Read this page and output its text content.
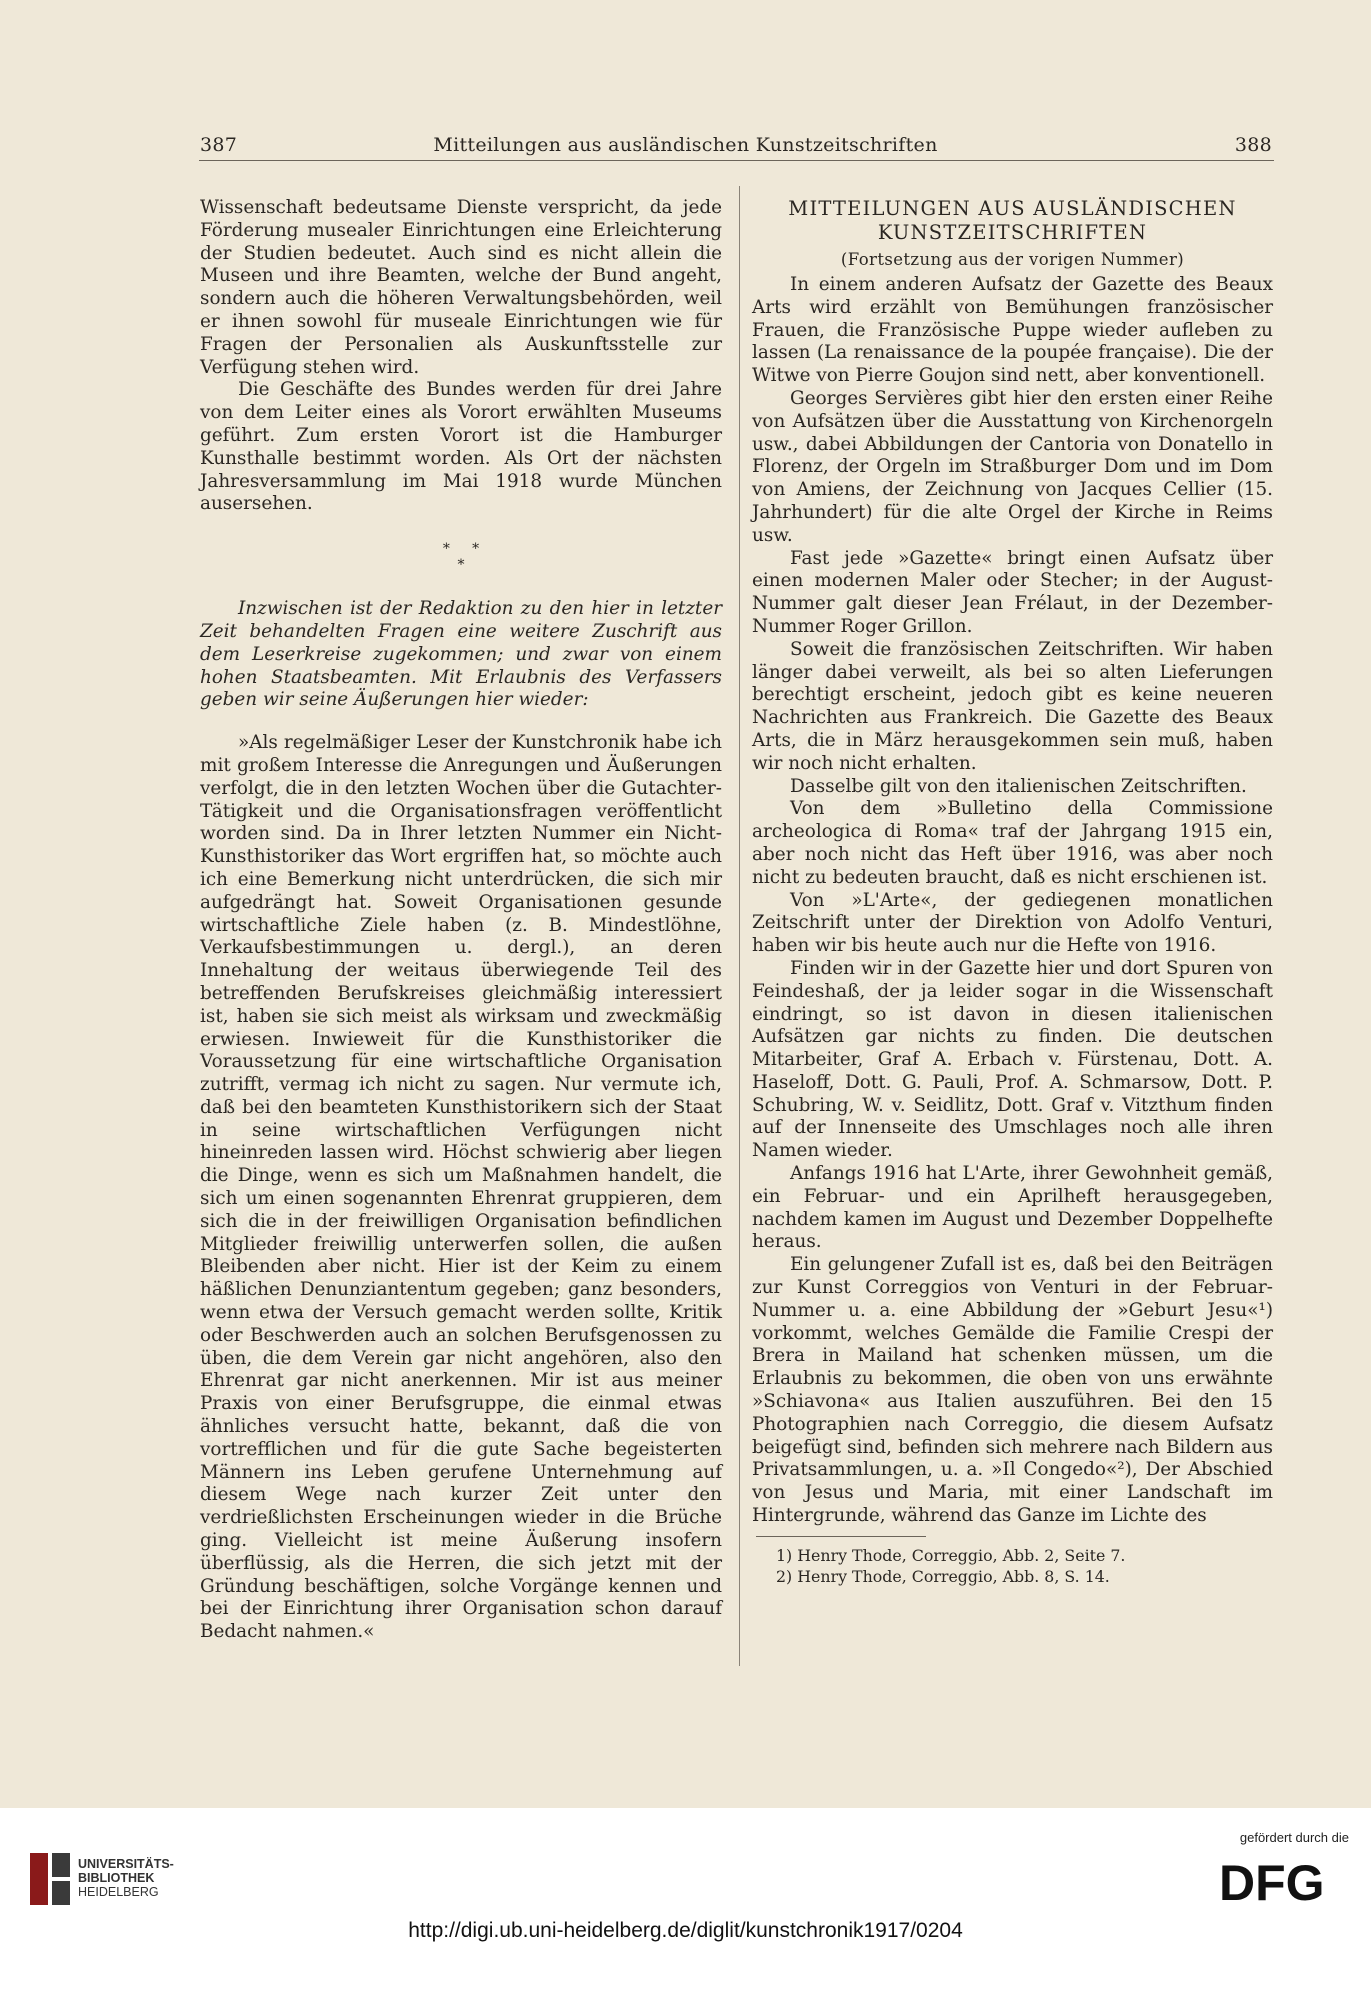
387	Mitteilungen aus ausländischen Kunstzeitschriften	388

Wissenschaft bedeutsame Dienste verspricht, da jede Förderung musealer Einrichtungen eine Erleichterung der Studien bedeutet. Auch sind es nicht allein die Museen und ihre Beamten, welche der Bund angeht, sondern auch die höheren Verwaltungsbehörden, weil er ihnen sowohl für museale Einrichtungen wie für Fragen der Personalien als Auskunftsstelle zur Verfügung stehen wird.

Die Geschäfte des Bundes werden für drei Jahre von dem Leiter eines als Vorort erwählten Museums geführt. Zum ersten Vorort ist die Hamburger Kunsthalle bestimmt worden. Als Ort der nächsten Jahresversammlung im Mai 1918 wurde München ausersehen.

*     *
*

Inzwischen ist der Redaktion zu den hier in letzter Zeit behandelten Fragen eine weitere Zuschrift aus dem Leserkreise zugekommen; und zwar von einem hohen Staatsbeamten. Mit Erlaubnis des Verfassers geben wir seine Äußerungen hier wieder:

»Als regelmäßiger Leser der Kunstchronik habe ich mit großem Interesse die Anregungen und Äußerungen verfolgt, die in den letzten Wochen über die Gutachter-Tätigkeit und die Organisationsfragen veröffentlicht worden sind. Da in Ihrer letzten Nummer ein Nicht-Kunsthistoriker das Wort ergriffen hat, so möchte auch ich eine Bemerkung nicht unterdrücken, die sich mir aufgedrängt hat. Soweit Organisationen gesunde wirtschaftliche Ziele haben (z. B. Mindestlöhne, Verkaufsbestimmungen u. dergl.), an deren Innehaltung der weitaus überwiegende Teil des betreffenden Berufskreises gleichmäßig interessiert ist, haben sie sich meist als wirksam und zweckmäßig erwiesen. Inwieweit für die Kunsthistoriker die Voraussetzung für eine wirtschaftliche Organisation zutrifft, vermag ich nicht zu sagen. Nur vermute ich, daß bei den beamteten Kunsthistorikern sich der Staat in seine wirtschaftlichen Verfügungen nicht hineinreden lassen wird. Höchst schwierig aber liegen die Dinge, wenn es sich um Maßnahmen handelt, die sich um einen sogenannten Ehrenrat gruppieren, dem sich die in der freiwilligen Organisation befindlichen Mitglieder freiwillig unterwerfen sollen, die außen Bleibenden aber nicht. Hier ist der Keim zu einem häßlichen Denunziantentum gegeben; ganz besonders, wenn etwa der Versuch gemacht werden sollte, Kritik oder Beschwerden auch an solchen Berufsgenossen zu üben, die dem Verein gar nicht angehören, also den Ehrenrat gar nicht anerkennen. Mir ist aus meiner Praxis von einer Berufsgruppe, die einmal etwas ähnliches versucht hatte, bekannt, daß die von vortrefflichen und für die gute Sache begeisterten Männern ins Leben gerufene Unternehmung auf diesem Wege nach kurzer Zeit unter den verdrießlichsten Erscheinungen wieder in die Brüche ging. Vielleicht ist meine Äußerung insofern überflüssig, als die Herren, die sich jetzt mit der Gründung beschäftigen, solche Vorgänge kennen und bei der Einrichtung ihrer Organisation schon darauf Bedacht nahmen.«

MITTEILUNGEN AUS AUSLÄNDISCHEN
KUNSTZEITSCHRIFTEN
(Fortsetzung aus der vorigen Nummer)

In einem anderen Aufsatz der Gazette des Beaux Arts wird erzählt von Bemühungen französischer Frauen, die Französische Puppe wieder aufleben zu lassen (La renaissance de la poupée française). Die der Witwe von Pierre Goujon sind nett, aber konventionell.

Georges Servières gibt hier den ersten einer Reihe von Aufsätzen über die Ausstattung von Kirchenorgeln usw., dabei Abbildungen der Cantoria von Donatello in Florenz, der Orgeln im Straßburger Dom und im Dom von Amiens, der Zeichnung von Jacques Cellier (15. Jahrhundert) für die alte Orgel der Kirche in Reims usw.

Fast jede »Gazette« bringt einen Aufsatz über einen modernen Maler oder Stecher; in der August-Nummer galt dieser Jean Frélaut, in der Dezember-Nummer Roger Grillon.

Soweit die französischen Zeitschriften. Wir haben länger dabei verweilt, als bei so alten Lieferungen berechtigt erscheint, jedoch gibt es keine neueren Nachrichten aus Frankreich. Die Gazette des Beaux Arts, die in März herausgekommen sein muß, haben wir noch nicht erhalten.

Dasselbe gilt von den italienischen Zeitschriften.

Von dem »Bulletino della Commissione archeologica di Roma« traf der Jahrgang 1915 ein, aber noch nicht das Heft über 1916, was aber noch nicht zu bedeuten braucht, daß es nicht erschienen ist.

Von »L'Arte«, der gediegenen monatlichen Zeitschrift unter der Direktion von Adolfo Venturi, haben wir bis heute auch nur die Hefte von 1916.

Finden wir in der Gazette hier und dort Spuren von Feindeshaß, der ja leider sogar in die Wissenschaft eindringt, so ist davon in diesen italienischen Aufsätzen gar nichts zu finden. Die deutschen Mitarbeiter, Graf A. Erbach v. Fürstenau, Dott. A. Haseloff, Dott. G. Pauli, Prof. A. Schmarsow, Dott. P. Schubring, W. v. Seidlitz, Dott. Graf v. Vitzthum finden auf der Innenseite des Umschlages noch alle ihren Namen wieder.

Anfangs 1916 hat L'Arte, ihrer Gewohnheit gemäß, ein Februar- und ein Aprilheft herausgegeben, nachdem kamen im August und Dezember Doppelhefte heraus.

Ein gelungener Zufall ist es, daß bei den Beiträgen zur Kunst Correggios von Venturi in der Februar-Nummer u. a. eine Abbildung der »Geburt Jesu«¹) vorkommt, welches Gemälde die Familie Crespi der Brera in Mailand hat schenken müssen, um die Erlaubnis zu bekommen, die oben von uns erwähnte »Schiavona« aus Italien auszuführen. Bei den 15 Photographien nach Correggio, die diesem Aufsatz beigefügt sind, befinden sich mehrere nach Bildern aus Privatsammlungen, u. a. »Il Congedo«²), Der Abschied von Jesus und Maria, mit einer Landschaft im Hintergrunde, während das Ganze im Lichte des

1) Henry Thode, Correggio, Abb. 2, Seite 7.
2) Henry Thode, Correggio, Abb. 8, S. 14.
UNIVERSITÄTS-
BIBLIOTHEK
HEIDELBERG
http://digi.ub.uni-heidelberg.de/diglit/kunstchronik1917/0204
gefördert durch die
DFG
